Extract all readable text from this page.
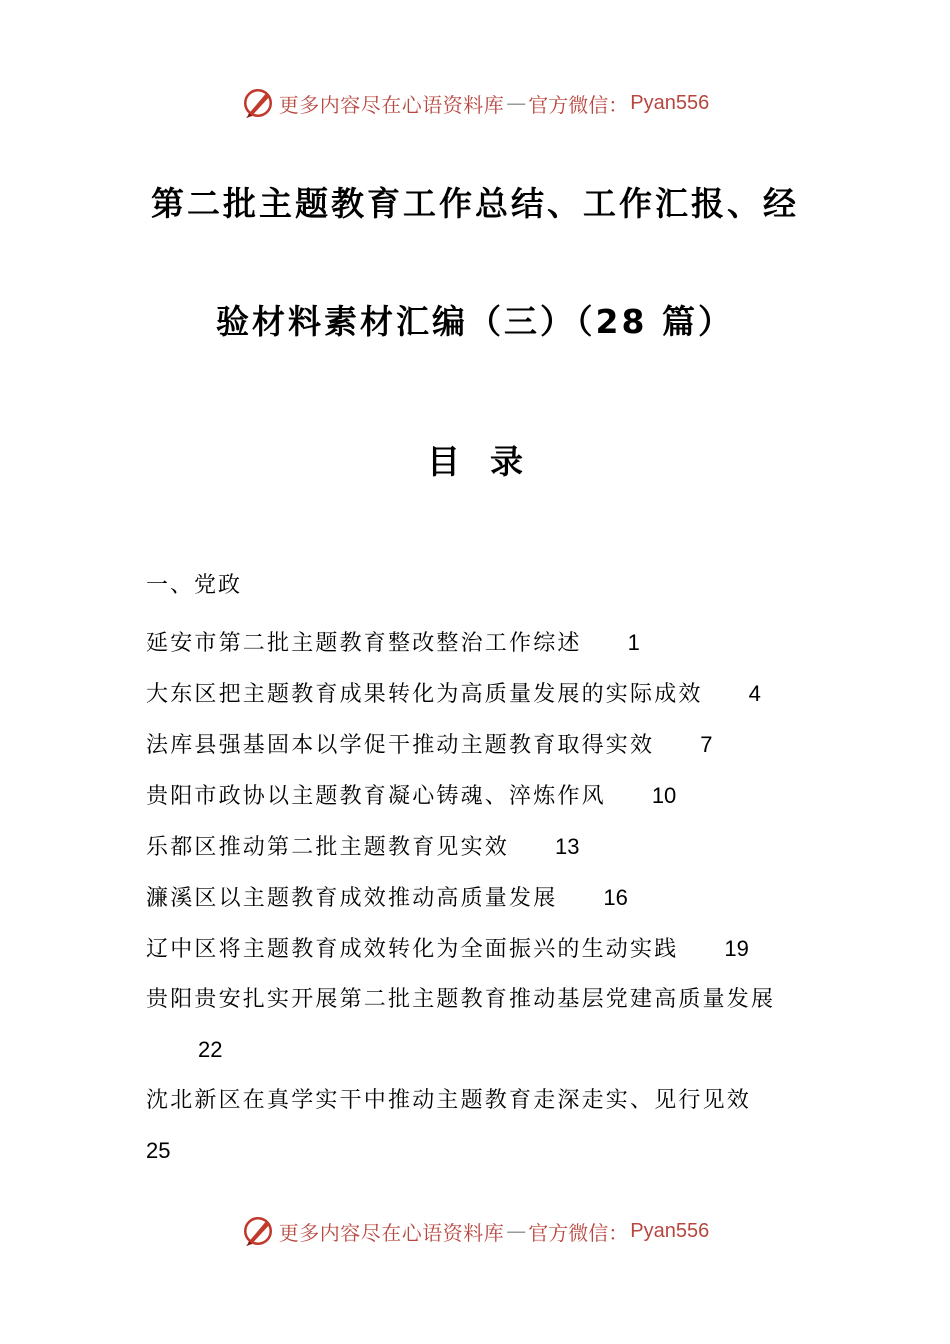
更多内容尽在心语资料库 — 官方微信： Pyan556
第二批主题教育工作总结、工作汇报、经
验材料素材汇编（三）（28 篇）
目录
一、党政
延安市第二批主题教育整改整治工作综述 1
大东区把主题教育成果转化为高质量发展的实际成效 4
法库县强基固本以学促干推动主题教育取得实效 7
贵阳市政协以主题教育凝心铸魂、淬炼作风 10
乐都区推动第二批主题教育见实效 13
濂溪区以主题教育成效推动高质量发展 16
辽中区将主题教育成效转化为全面振兴的生动实践 19
贵阳贵安扎实开展第二批主题教育推动基层党建高质量发展22
沈北新区在真学实干中推动主题教育走深走实、见行见效
25
更多内容尽在心语资料库 — 官方微信： Pyan556
